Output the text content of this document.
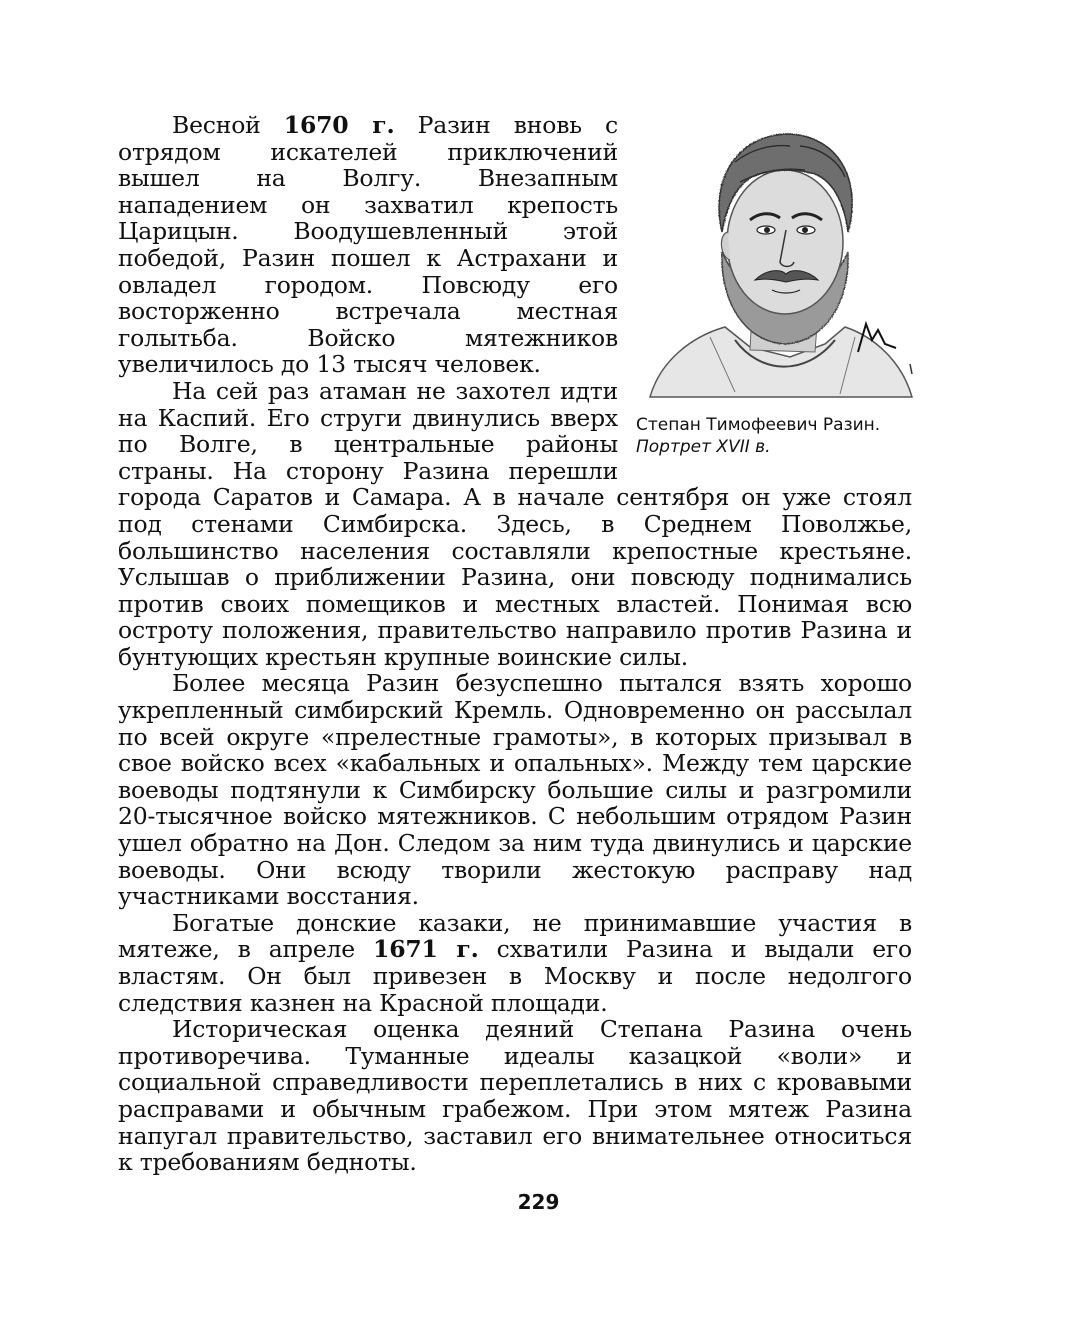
Степан Тимофеевич Разин.
Портрет XVII в.

Весной 1670 г. Разин вновь с отрядом искателей приключений вышел на Волгу. Внезапным нападением он захватил крепость Царицын. Воодушевленный этой победой, Разин пошел к Астрахани и овладел городом. Повсюду его восторженно встречала местная голытьба. Войско мятежников увеличилось до 13 тысяч человек.

На сей раз атаман не захотел идти на Каспий. Его струги двинулись вверх по Волге, в центральные районы страны. На сторону Разина перешли города Саратов и Самара. А в начале сентября он уже стоял под стенами Симбирска. Здесь, в Среднем Поволжье, большинство населения составляли крепостные крестьяне. Услышав о приближении Разина, они повсюду поднимались против своих помещиков и местных властей. Понимая всю остроту положения, правительство направило против Разина и бунтующих крестьян крупные воинские силы.

Более месяца Разин безуспешно пытался взять хорошо укрепленный симбирский Кремль. Одновременно он рассылал по всей округе «прелестные грамоты», в которых призывал в свое войско всех «кабальных и опальных». Между тем царские воеводы подтянули к Симбирску большие силы и разгромили 20-тысячное войско мятежников. С небольшим отрядом Разин ушел обратно на Дон. Следом за ним туда двинулись и царские воеводы. Они всюду творили жестокую расправу над участниками восстания.

Богатые донские казаки, не принимавшие участия в мятеже, в апреле 1671 г. схватили Разина и выдали его властям. Он был привезен в Москву и после недолгого следствия казнен на Красной площади.

Историческая оценка деяний Степана Разина очень противоречива. Туманные идеалы казацкой «воли» и социальной справедливости переплетались в них с кровавыми расправами и обычным грабежом. При этом мятеж Разина напугал правительство, заставил его внимательнее относиться к требованиям бедноты.

229
